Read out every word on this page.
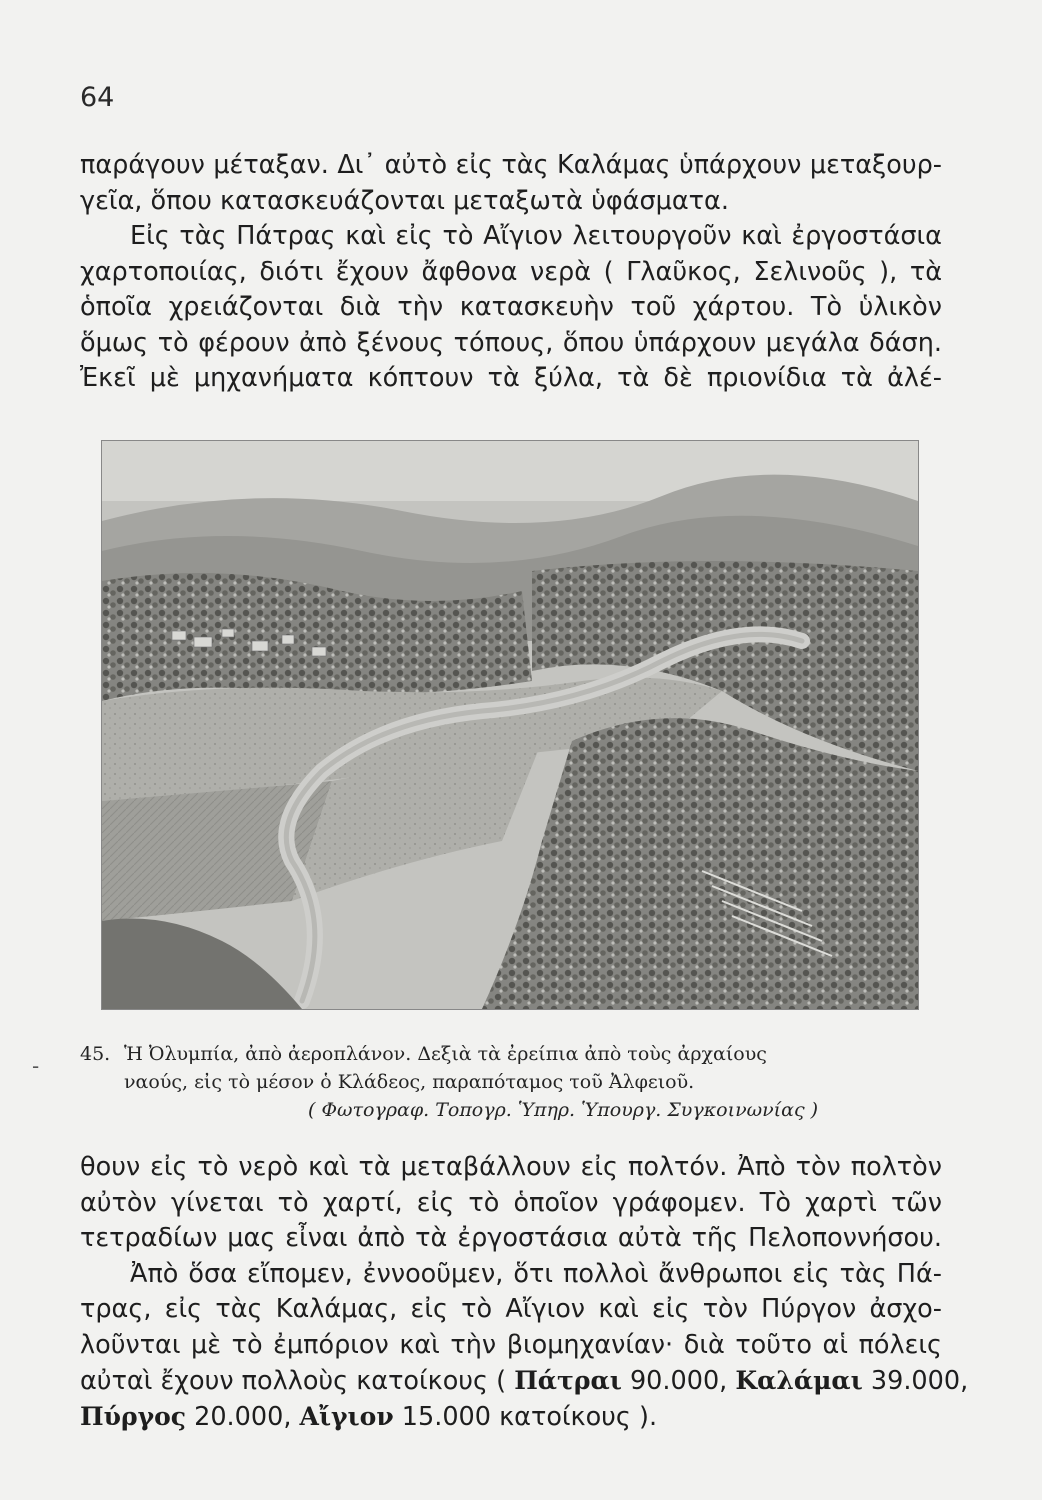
64
-
παράγουν μέταξαν. Δι᾽ αὐτὸ εἰς τὰς Καλάμας ὑπάρχουν μεταξουρ-
γεῖα, ὅπου κατασκευάζονται μεταξωτὰ ὑφάσματα.
Εἰς τὰς Πάτρας καὶ εἰς τὸ Αἴγιον λειτουργοῦν καὶ ἐργοστάσια
χαρτοποιίας, διότι ἔχουν ἄφθονα νερὰ ( Γλαῦκος, Σελινοῦς ), τὰ
ὁποῖα χρειάζονται διὰ τὴν κατασκευὴν τοῦ χάρτου. Τὸ ὑλικὸν
ὅμως τὸ φέρουν ἀπὸ ξένους τόπους, ὅπου ὑπάρχουν μεγάλα δάση.
Ἐκεῖ μὲ μηχανήματα κόπτουν τὰ ξύλα, τὰ δὲ πριονίδια τὰ ἀλέ-
45. Ἡ Ὀλυμπία, ἀπὸ ἀεροπλάνον. Δεξιὰ τὰ ἐρείπια ἀπὸ τοὺς ἀρχαίους
ναούς, εἰς τὸ μέσον ὁ Κλάδεος, παραπόταμος τοῦ Ἀλφειοῦ.
( Φωτογραφ. Τοπογρ. Ὑπηρ. Ὑπουργ. Συγκοινωνίας )
θουν εἰς τὸ νερὸ καὶ τὰ μεταβάλλουν εἰς πολτόν. Ἀπὸ τὸν πολτὸν
αὐτὸν γίνεται τὸ χαρτί, εἰς τὸ ὁποῖον γράφομεν. Τὸ χαρτὶ τῶν
τετραδίων μας εἶναι ἀπὸ τὰ ἐργοστάσια αὐτὰ τῆς Πελοποννήσου.
Ἀπὸ ὅσα εἴπομεν, ἐννοοῦμεν, ὅτι πολλοὶ ἄνθρωποι εἰς τὰς Πά-
τρας, εἰς τὰς Καλάμας, εἰς τὸ Αἴγιον καὶ εἰς τὸν Πύργον ἀσχο-
λοῦνται μὲ τὸ ἐμπόριον καὶ τὴν βιομηχανίαν· διὰ τοῦτο αἱ πόλεις
αὐταὶ ἔχουν πολλοὺς κατοίκους ( Πάτραι 90.000, Καλάμαι 39.000,
Πύργος 20.000, Αἴγιον 15.000 κατοίκους ).
